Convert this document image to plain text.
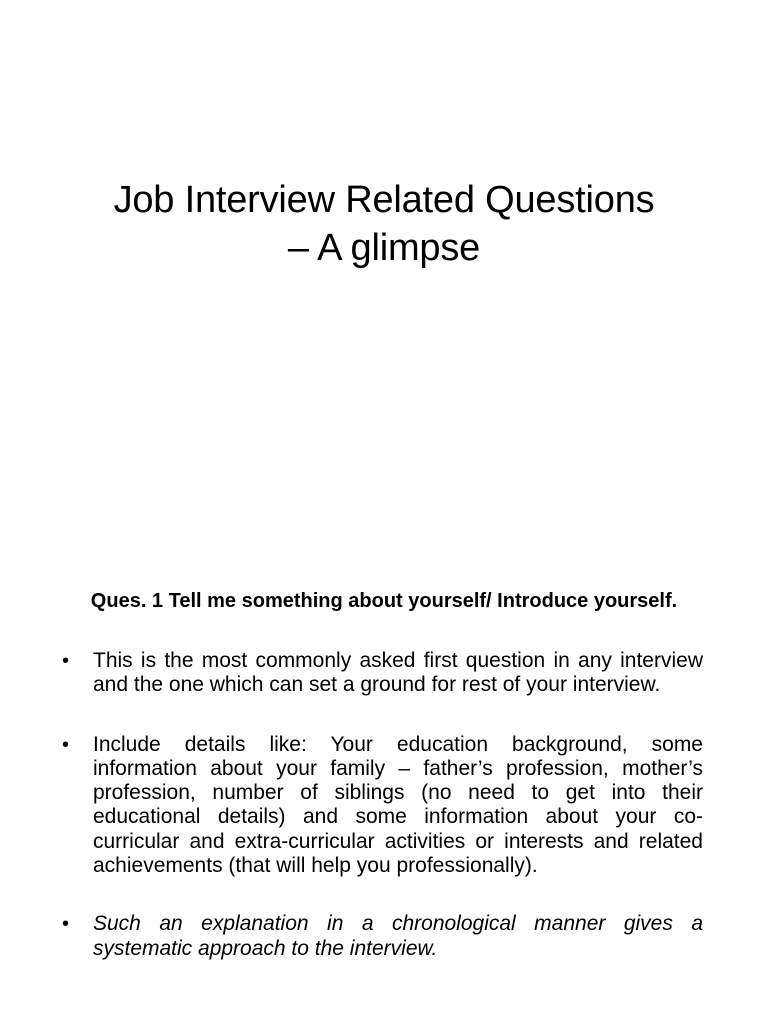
Job Interview Related Questions
– A glimpse
Ques. 1 Tell me something about yourself/ Introduce yourself.
•	This is the most commonly asked first question in any interview and the one which can set a ground for rest of your interview.
•	Include details like: Your education background, some information about your family – father’s profession, mother’s profession, number of siblings (no need to get into their educational details) and some information about your co-curricular and extra-curricular activities or interests and related achievements (that will help you professionally).
•	Such an explanation in a chronological manner gives a systematic approach to the interview.
